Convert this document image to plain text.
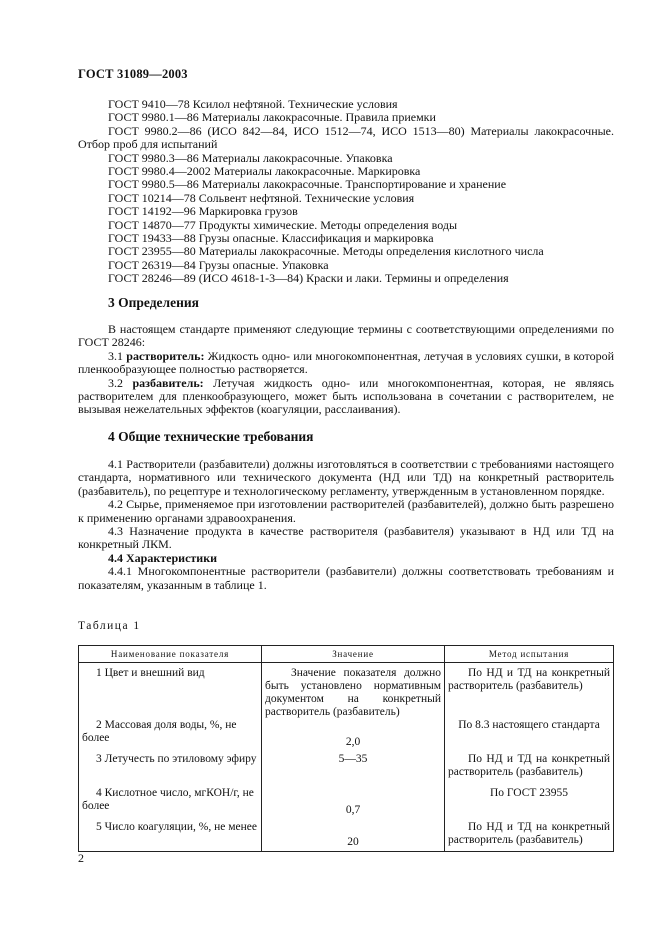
ГОСТ 31089—2003
ГОСТ 9410—78 Ксилол нефтяной. Технические условия
ГОСТ 9980.1—86 Материалы лакокрасочные. Правила приемки
ГОСТ 9980.2—86 (ИСО 842—84, ИСО 1512—74, ИСО 1513—80) Материалы лакокрасочные. Отбор проб для испытаний
ГОСТ 9980.3—86 Материалы лакокрасочные. Упаковка
ГОСТ 9980.4—2002 Материалы лакокрасочные. Маркировка
ГОСТ 9980.5—86 Материалы лакокрасочные. Транспортирование и хранение
ГОСТ 10214—78 Сольвент нефтяной. Технические условия
ГОСТ 14192—96 Маркировка грузов
ГОСТ 14870—77 Продукты химические. Методы определения воды
ГОСТ 19433—88 Грузы опасные. Классификация и маркировка
ГОСТ 23955—80 Материалы лакокрасочные. Методы определения кислотного числа
ГОСТ 26319—84 Грузы опасные. Упаковка
ГОСТ 28246—89 (ИСО 4618-1-3—84) Краски и лаки. Термины и определения
3 Определения
В настоящем стандарте применяют следующие термины с соответствующими определениями по ГОСТ 28246:
3.1 растворитель: Жидкость одно- или многокомпонентная, летучая в условиях сушки, в которой пленкообразующее полностью растворяется.
3.2 разбавитель: Летучая жидкость одно- или многокомпонентная, которая, не являясь растворителем для пленкообразующего, может быть использована в сочетании с растворителем, не вызывая нежелательных эффектов (коагуляции, расслаивания).
4 Общие технические требования
4.1 Растворители (разбавители) должны изготовляться в соответствии с требованиями настоящего стандарта, нормативного или технического документа (НД или ТД) на конкретный растворитель (разбавитель), по рецептуре и технологическому регламенту, утвержденным в установленном порядке.
4.2 Сырье, применяемое при изготовлении растворителей (разбавителей), должно быть разрешено к применению органами здравоохранения.
4.3 Назначение продукта в качестве растворителя (разбавителя) указывают в НД или ТД на конкретный ЛКМ.
4.4 Характеристики
4.4.1 Многокомпонентные растворители (разбавители) должны соответствовать требованиям и показателям, указанным в таблице 1.
Таблица 1
Наименование показателя	Значение	Метод испытания

1 Цвет и внешний вид	Значение показателя должно быть установлено нормативным документом на конкретный растворитель (разбавитель)	По НД и ТД на конкретный растворитель (разбавитель)

2 Массовая доля воды, %, не более	2,0	По 8.3 настоящего стандарта

3 Летучесть по этиловому эфиру	5—35	По НД и ТД на конкретный растворитель (разбавитель)

4 Кислотное число, мгКОН/г, не более	0,7	По ГОСТ 23955

5 Число коагуляции, %, не менее	20	По НД и ТД на конкретный растворитель (разбавитель)
2
